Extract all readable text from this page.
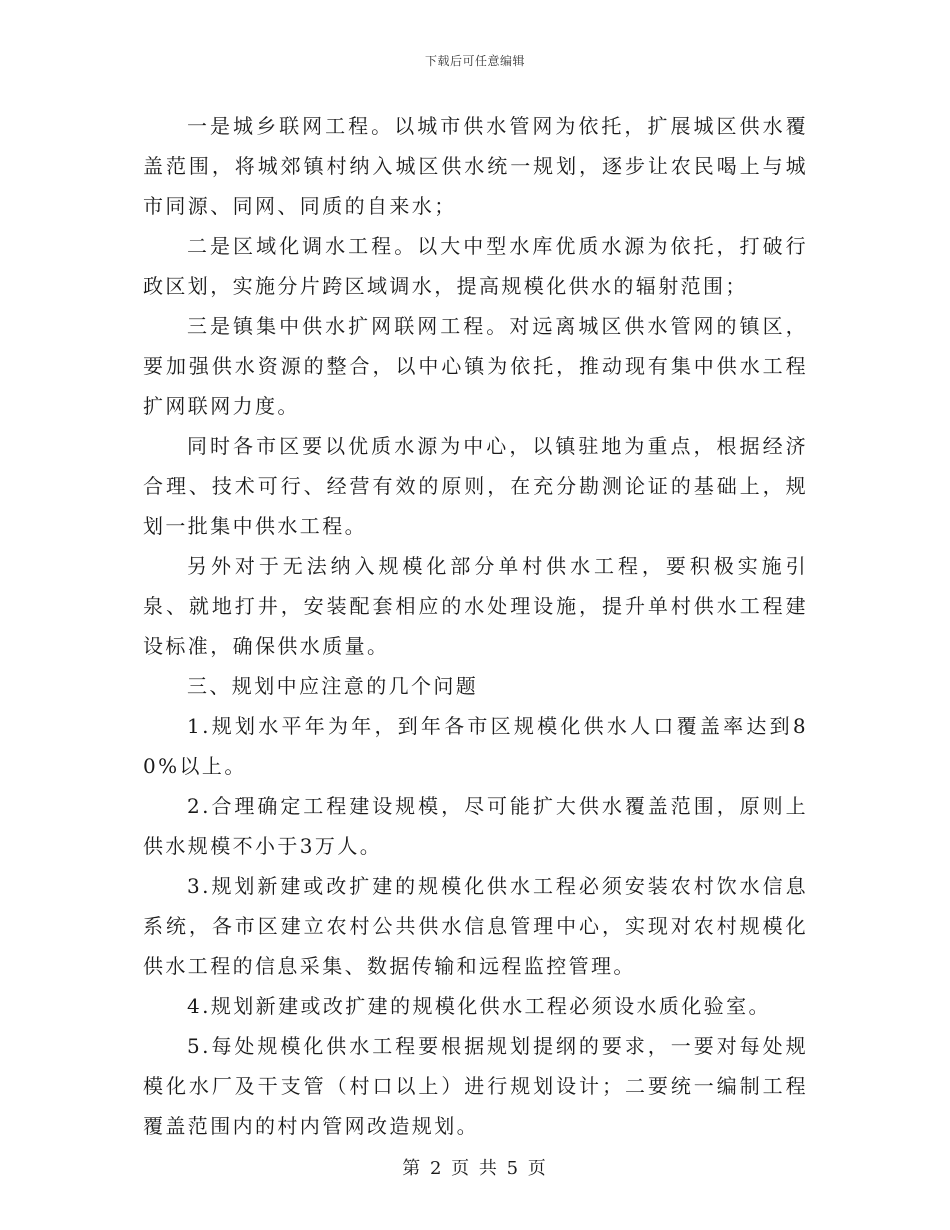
下载后可任意编辑

一是城乡联网工程。以城市供水管网为依托，扩展城区供水覆盖范围，将城郊镇村纳入城区供水统一规划，逐步让农民喝上与城市同源、同网、同质的自来水；

二是区域化调水工程。以大中型水库优质水源为依托，打破行政区划，实施分片跨区域调水，提高规模化供水的辐射范围；

三是镇集中供水扩网联网工程。对远离城区供水管网的镇区，要加强供水资源的整合，以中心镇为依托，推动现有集中供水工程扩网联网力度。

同时各市区要以优质水源为中心，以镇驻地为重点，根据经济合理、技术可行、经营有效的原则，在充分勘测论证的基础上，规划一批集中供水工程。

另外对于无法纳入规模化部分单村供水工程，要积极实施引泉、就地打井，安装配套相应的水处理设施，提升单村供水工程建设标准，确保供水质量。

三、规划中应注意的几个问题

1.规划水平年为年，到年各市区规模化供水人口覆盖率达到80%以上。

2.合理确定工程建设规模，尽可能扩大供水覆盖范围，原则上供水规模不小于3万人。

3.规划新建或改扩建的规模化供水工程必须安装农村饮水信息系统，各市区建立农村公共供水信息管理中心，实现对农村规模化供水工程的信息采集、数据传输和远程监控管理。

4.规划新建或改扩建的规模化供水工程必须设水质化验室。

5.每处规模化供水工程要根据规划提纲的要求，一要对每处规模化水厂及干支管（村口以上）进行规划设计；二要统一编制工程覆盖范围内的村内管网改造规划。

第 2 页 共 5 页
